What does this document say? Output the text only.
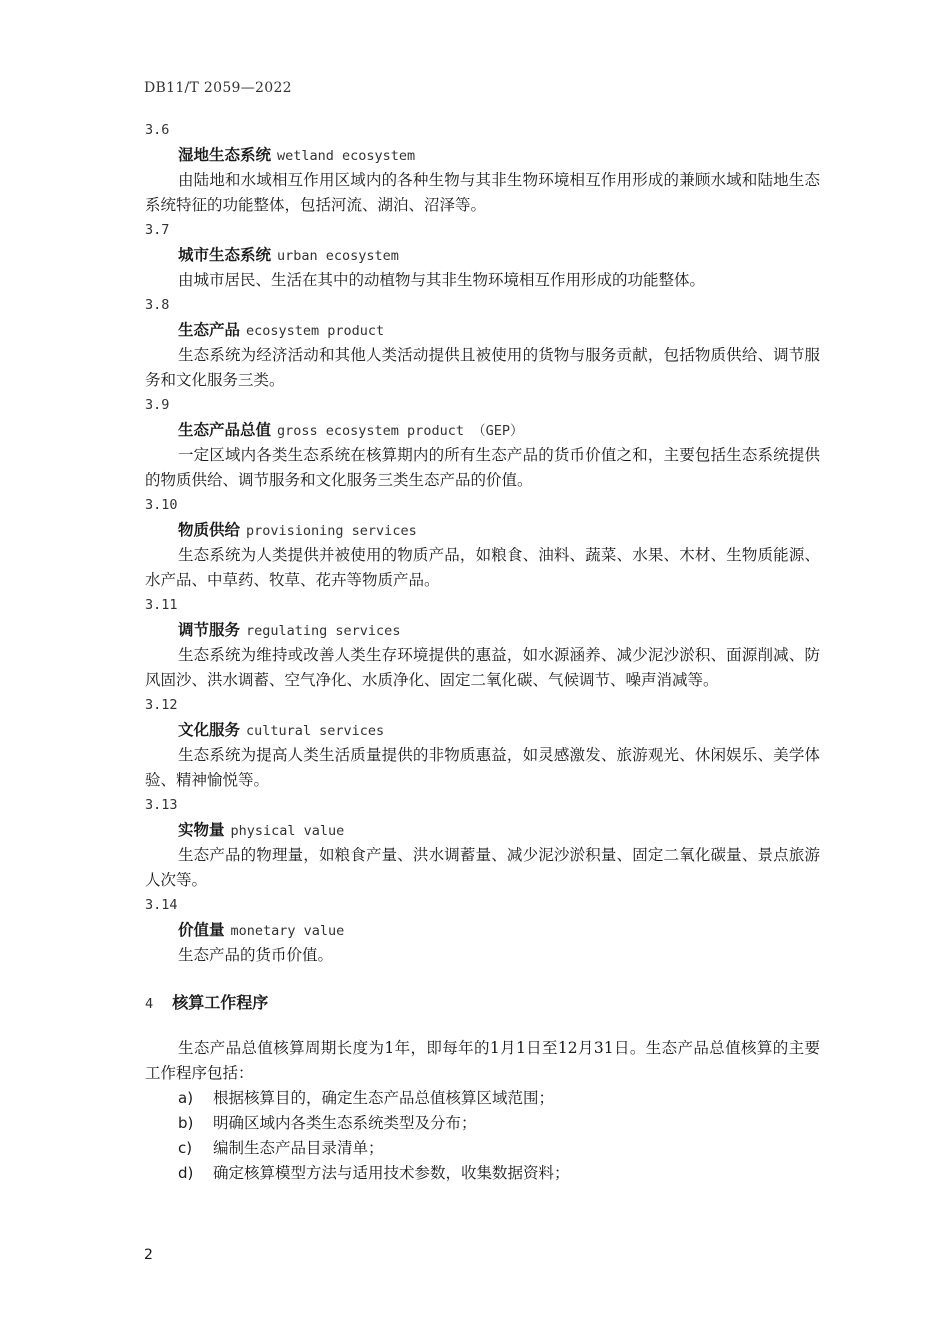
DB11/T 2059—2022
3.6
湿地生态系统 wetland ecosystem

由陆地和水域相互作用区域内的各种生物与其非生物环境相互作用形成的兼顾水域和陆地生态系统特征的功能整体，包括河流、湖泊、沼泽等。

3.7
城市生态系统 urban ecosystem

由城市居民、生活在其中的动植物与其非生物环境相互作用形成的功能整体。

3.8
生态产品 ecosystem product

生态系统为经济活动和其他人类活动提供且被使用的货物与服务贡献，包括物质供给、调节服务和文化服务三类。

3.9
生态产品总值 gross ecosystem product （GEP）

一定区域内各类生态系统在核算期内的所有生态产品的货币价值之和，主要包括生态系统提供的物质供给、调节服务和文化服务三类生态产品的价值。

3.10
物质供给 provisioning services

生态系统为人类提供并被使用的物质产品，如粮食、油料、蔬菜、水果、木材、生物质能源、水产品、中草药、牧草、花卉等物质产品。

3.11
调节服务 regulating services

生态系统为维持或改善人类生存环境提供的惠益，如水源涵养、减少泥沙淤积、面源削减、防风固沙、洪水调蓄、空气净化、水质净化、固定二氧化碳、气候调节、噪声消减等。

3.12
文化服务 cultural services

生态系统为提高人类生活质量提供的非物质惠益，如灵感激发、旅游观光、休闲娱乐、美学体验、精神愉悦等。

3.13
实物量 physical value

生态产品的物理量，如粮食产量、洪水调蓄量、减少泥沙淤积量、固定二氧化碳量、景点旅游人次等。

3.14
价值量 monetary value

生态产品的货币价值。

4 核算工作程序

生态产品总值核算周期长度为1年，即每年的1月1日至12月31日。生态产品总值核算的主要工作程序包括：

a) 根据核算目的，确定生态产品总值核算区域范围；
b) 明确区域内各类生态系统类型及分布；
c) 编制生态产品目录清单；
d) 确定核算模型方法与适用技术参数，收集数据资料；
2
